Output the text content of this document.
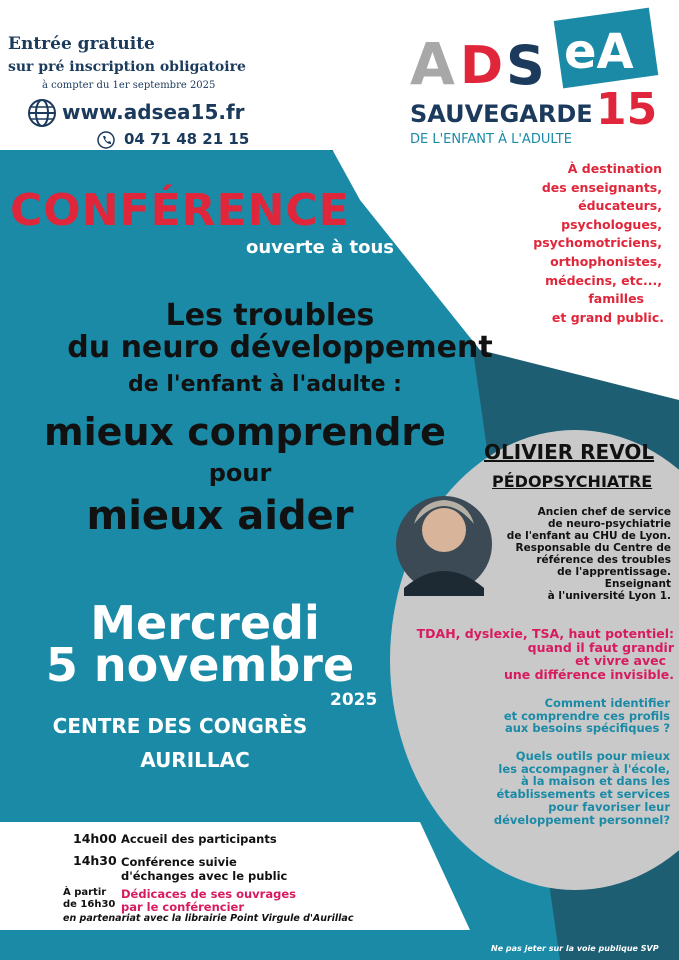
Entrée gratuite
sur pré inscription obligatoire
à compter du 1er septembre 2025
www.adsea15.fr
04 71 48 21 15
A D S eA
SAUVEGARDE 15
DE L'ENFANT À L'ADULTE
À destination
des enseignants,
éducateurs,
psychologues,
psychomotriciens,
orthophonistes,
médecins, etc...,
familles
et grand public.
CONFÉRENCE
ouverte à tous
Les troubles
du neuro développement
de l'enfant à l'adulte :
mieux comprendre
pour
mieux aider
OLIVIER REVOL
PÉDOPSYCHIATRE
Ancien chef de service
de neuro-psychiatrie
de l'enfant au CHU de Lyon.
Responsable du Centre de
référence des troubles
de l'apprentissage.
Enseignant
à l'université Lyon 1.
Mercredi
5 novembre
2025
CENTRE DES CONGRÈS
AURILLAC
TDAH, dyslexie, TSA, haut potentiel:
quand il faut grandir
et vivre avec
une différence invisible.
Comment identifier
et comprendre ces profils
aux besoins spécifiques ?
Quels outils pour mieux
les accompagner à l'école,
à la maison et dans les
établissements et services
pour favoriser leur
développement personnel?
14h00 Accueil des participants
14h30 Conférence suivie
d'échanges avec le public
À partir
de 16h30
Dédicaces de ses ouvrages
par le conférencier
en partenariat avec la librairie Point Virgule d'Aurillac
Ne pas jeter sur la voie publique SVP
